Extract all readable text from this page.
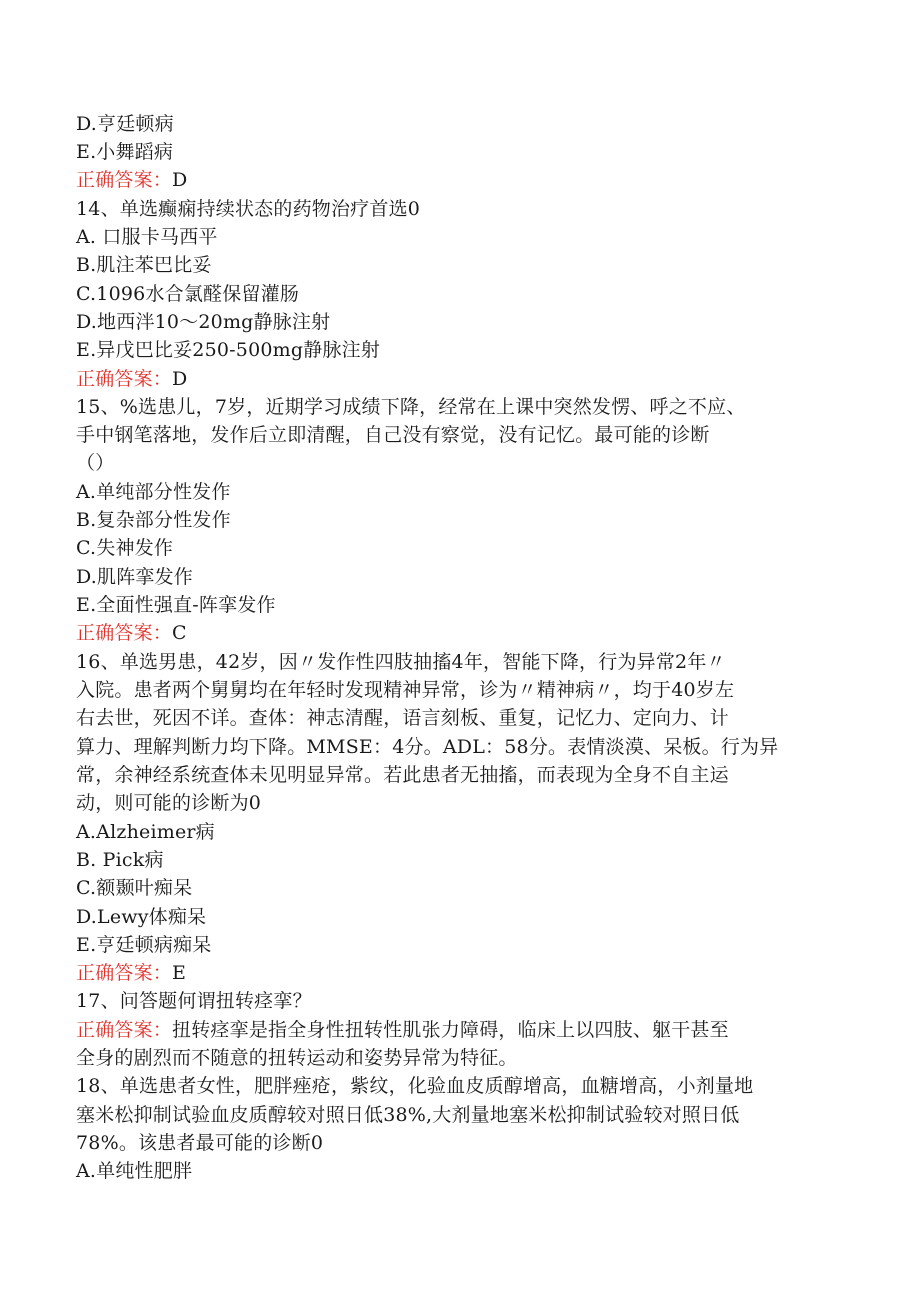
D.亨廷顿病
E.小舞蹈病
正确答案：D
14、单选癫痫持续状态的药物治疗首选0
A. 口服卡马西平
B.肌注苯巴比妥
C.1096水合氯醛保留灌肠
D.地西泮10～20mg静脉注射
E.异戊巴比妥250-500mg静脉注射
正确答案：D
15、%选患儿，7岁，近期学习成绩下降，经常在上课中突然发愣、呼之不应、
手中钢笔落地，发作后立即清醒，自己没有察觉，没有记忆。最可能的诊断
（）
A.单纯部分性发作
B.复杂部分性发作
C.失神发作
D.肌阵挛发作
E.全面性强直-阵挛发作
正确答案：C
16、单选男患，42岁，因〃发作性四肢抽搐4年，智能下降，行为异常2年〃
入院。患者两个舅舅均在年轻时发现精神异常，诊为〃精神病〃，均于40岁左
右去世，死因不详。查体：神志清醒，语言刻板、重复，记忆力、定向力、计
算力、理解判断力均下降。MMSE：4分。ADL：58分。表情淡漠、呆板。行为异
常，余神经系统查体未见明显异常。若此患者无抽搐，而表现为全身不自主运
动，则可能的诊断为0
A.Alzheimer病
B. Pick病
C.额颞叶痴呆
D.Lewy体痴呆
E.亨廷顿病痴呆
正确答案：E
17、问答题何谓扭转痉挛？
正确答案：扭转痉挛是指全身性扭转性肌张力障碍，临床上以四肢、躯干甚至
全身的剧烈而不随意的扭转运动和姿势异常为特征。
18、单选患者女性，肥胖痤疮，紫纹，化验血皮质醇增高，血糖增高，小剂量地
塞米松抑制试验血皮质醇较对照日低38%,大剂量地塞米松抑制试验较对照日低
78%。该患者最可能的诊断0
A.单纯性肥胖
